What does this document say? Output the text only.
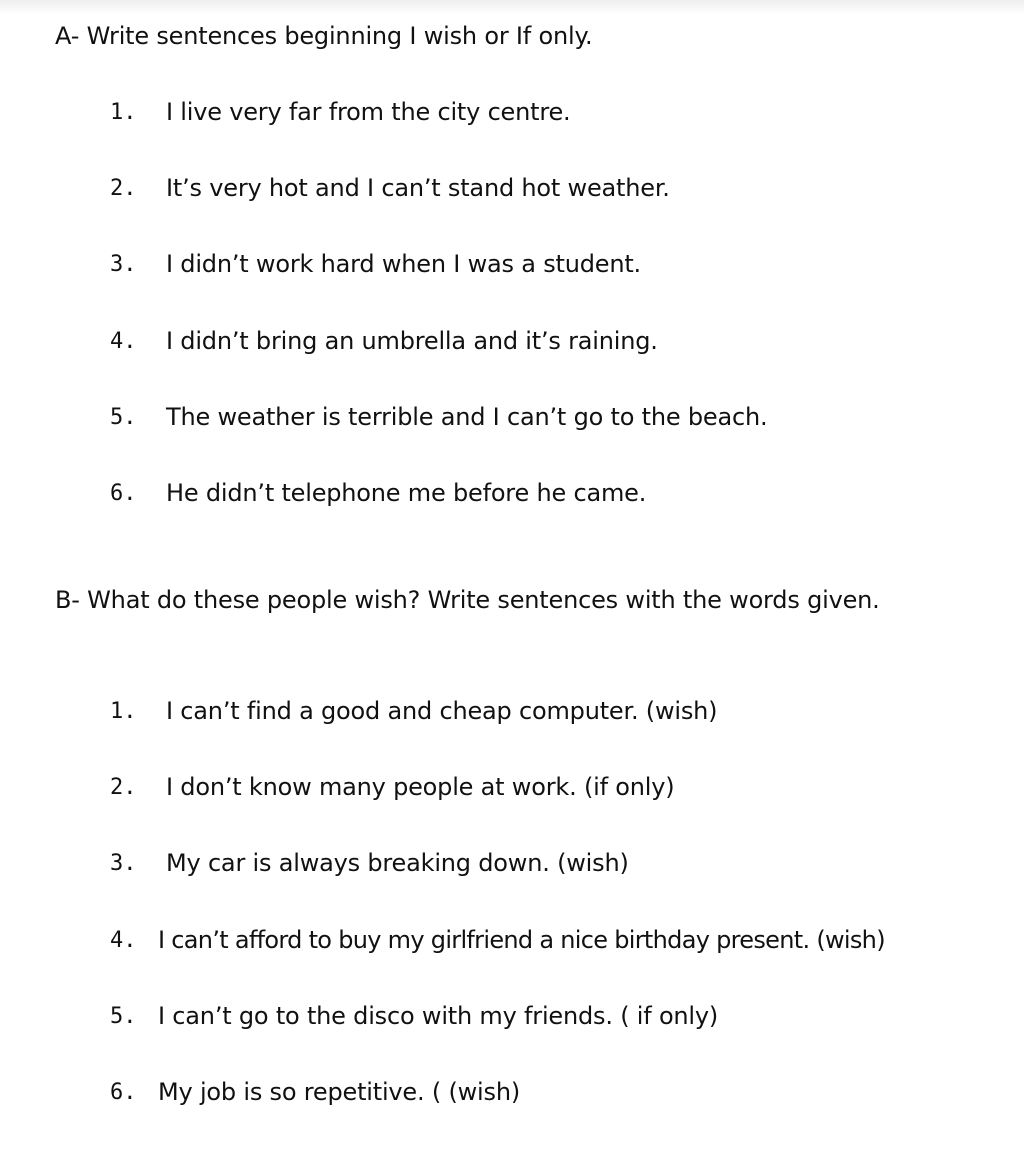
A- Write sentences beginning I wish or If only.
1. I live very far from the city centre.
2. It’s very hot and I can’t stand hot weather.
3. I didn’t work hard when I was a student.
4. I didn’t bring an umbrella and it’s raining.
5. The weather is terrible and I can’t go to the beach.
6. He didn’t telephone me before he came.
B- What do these people wish? Write sentences with the words given.
1. I can’t find a good and cheap computer. (wish)
2. I don’t know many people at work. (if only)
3. My car is always breaking down. (wish)
4. I can’t afford to buy my girlfriend a nice birthday present. (wish)
5. I can’t go to the disco with my friends. ( if only)
6. My job is so repetitive. ( (wish)
